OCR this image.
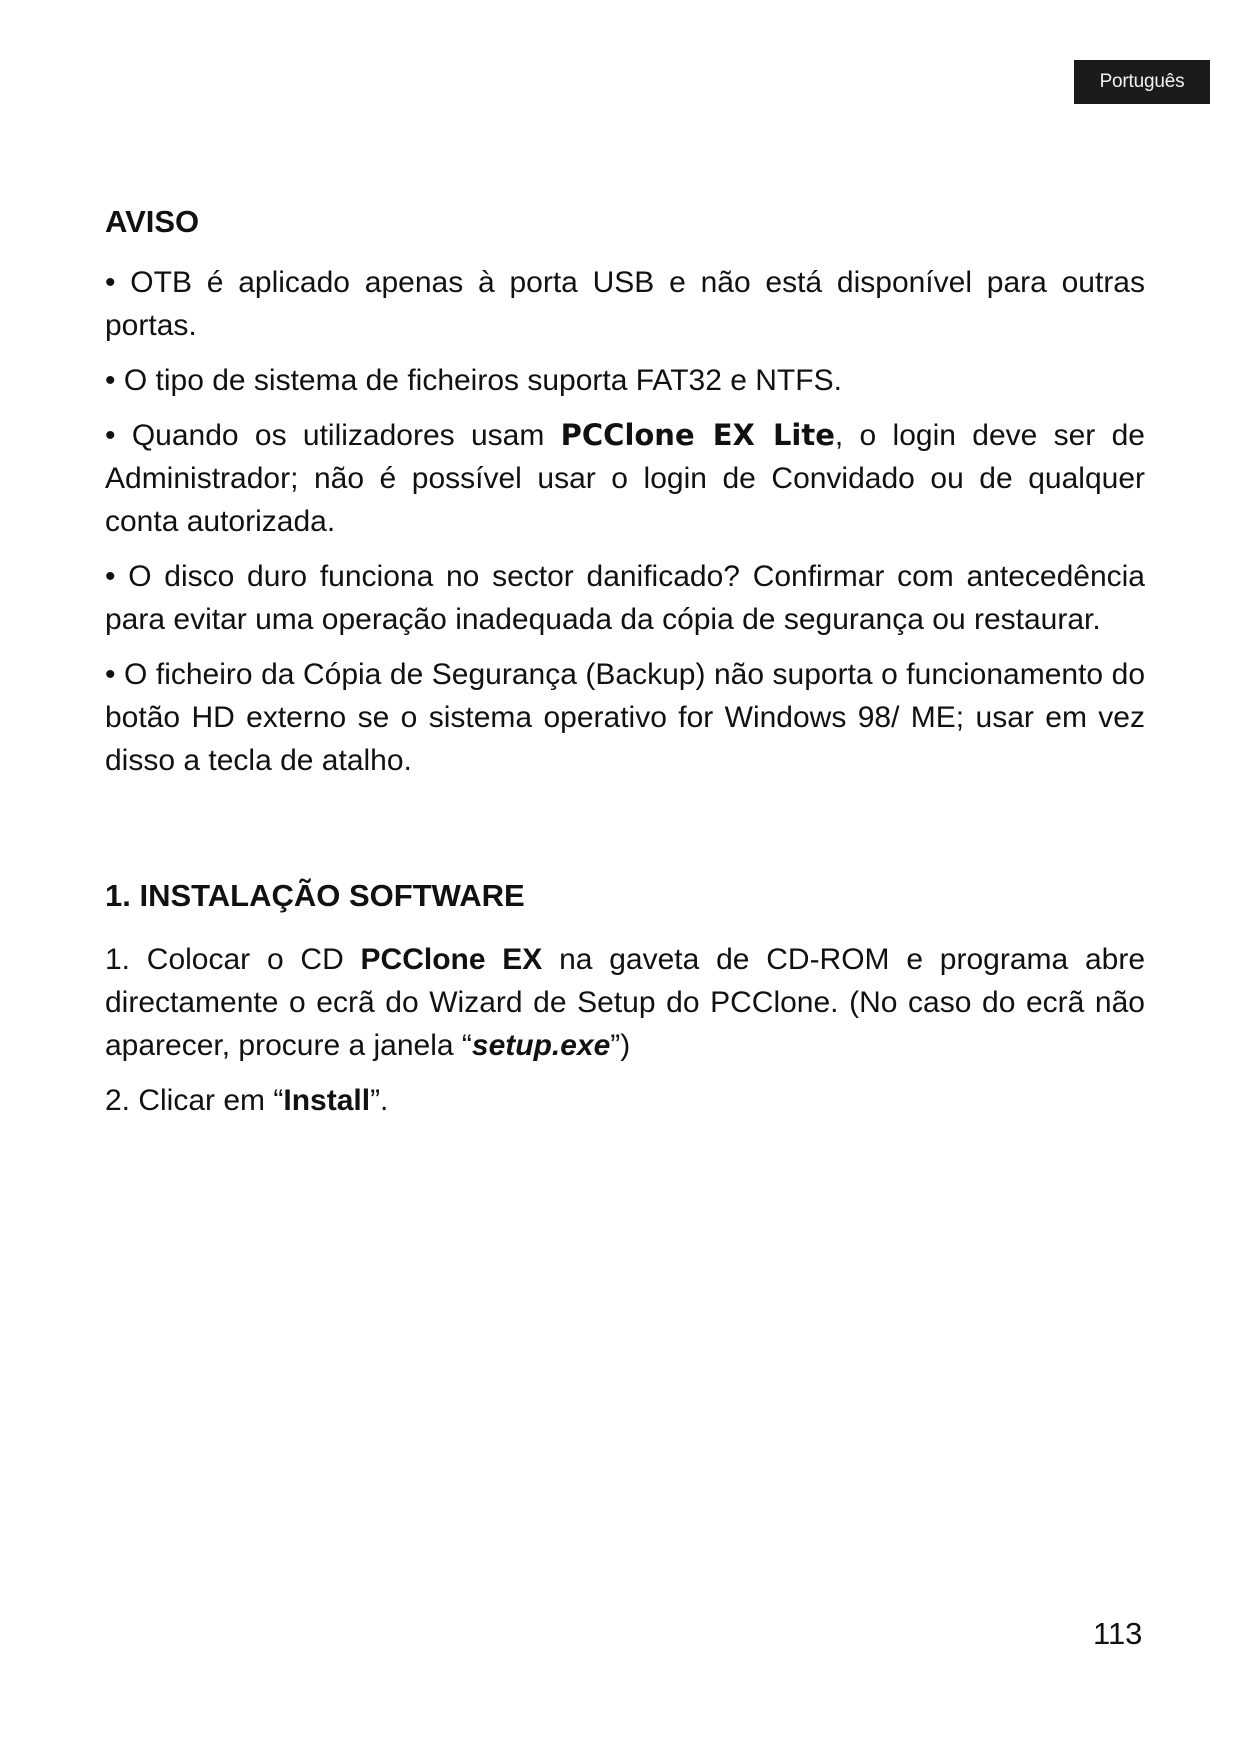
Português
AVISO

• OTB é aplicado apenas à porta USB e não está disponível para outras portas.

• O tipo de sistema de ficheiros suporta FAT32 e NTFS.

• Quando os utilizadores usam PCClone EX Lite, o login deve ser de Administrador; não é possível usar o login de Convidado ou de qualquer conta autorizada.

• O disco duro funciona no sector danificado? Confirmar com antecedência para evitar uma operação inadequada da cópia de segurança ou restaurar.

• O ficheiro da Cópia de Segurança (Backup) não suporta o funcionamento do botão HD externo se o sistema operativo for Windows 98/ ME; usar em vez disso a tecla de atalho.

1. INSTALAÇÃO SOFTWARE

1. Colocar o CD PCClone EX na gaveta de CD-ROM e programa abre directamente o ecrã do Wizard de Setup do PCClone. (No caso do ecrã não aparecer, procure a janela “setup.exe”)

2. Clicar em “Install”.

113
